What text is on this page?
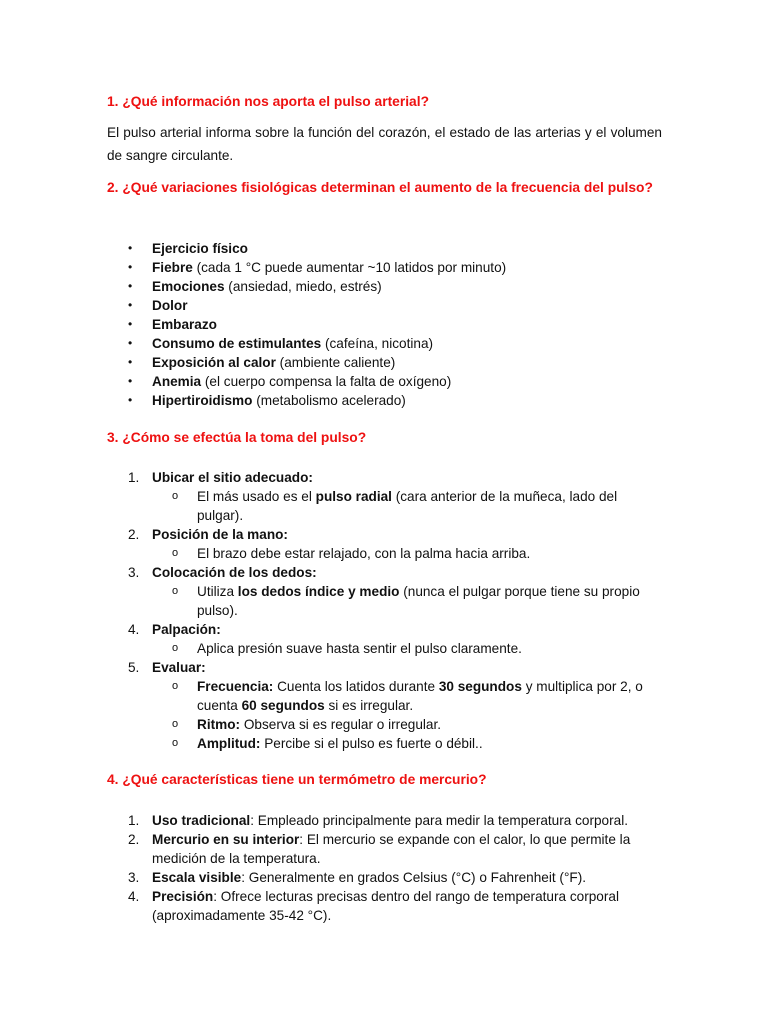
1. ¿Qué información nos aporta el pulso arterial?
El pulso arterial informa sobre la función del corazón, el estado de las arterias y el volumen de sangre circulante.
2. ¿Qué variaciones fisiológicas determinan el aumento de la frecuencia del pulso?
•	Ejercicio físico
•	Fiebre (cada 1 °C puede aumentar ~10 latidos por minuto)
•	Emociones (ansiedad, miedo, estrés)
•	Dolor
•	Embarazo
•	Consumo de estimulantes (cafeína, nicotina)
•	Exposición al calor (ambiente caliente)
•	Anemia (el cuerpo compensa la falta de oxígeno)
•	Hipertiroidismo (metabolismo acelerado)
3. ¿Cómo se efectúa la toma del pulso?
1. Ubicar el sitio adecuado:
o	El más usado es el pulso radial (cara anterior de la muñeca, lado del pulgar).
2. Posición de la mano:
o	El brazo debe estar relajado, con la palma hacia arriba.
3. Colocación de los dedos:
o	Utiliza los dedos índice y medio (nunca el pulgar porque tiene su propio pulso).
4. Palpación:
o	Aplica presión suave hasta sentir el pulso claramente.
5. Evaluar:
o	Frecuencia: Cuenta los latidos durante 30 segundos y multiplica por 2, o cuenta 60 segundos si es irregular.
o	Ritmo: Observa si es regular o irregular.
o	Amplitud: Percibe si el pulso es fuerte o débil..
4. ¿Qué características tiene un termómetro de mercurio?
1. Uso tradicional: Empleado principalmente para medir la temperatura corporal.
2. Mercurio en su interior: El mercurio se expande con el calor, lo que permite la medición de la temperatura.
3. Escala visible: Generalmente en grados Celsius (°C) o Fahrenheit (°F).
4. Precisión: Ofrece lecturas precisas dentro del rango de temperatura corporal (aproximadamente 35-42 °C).
